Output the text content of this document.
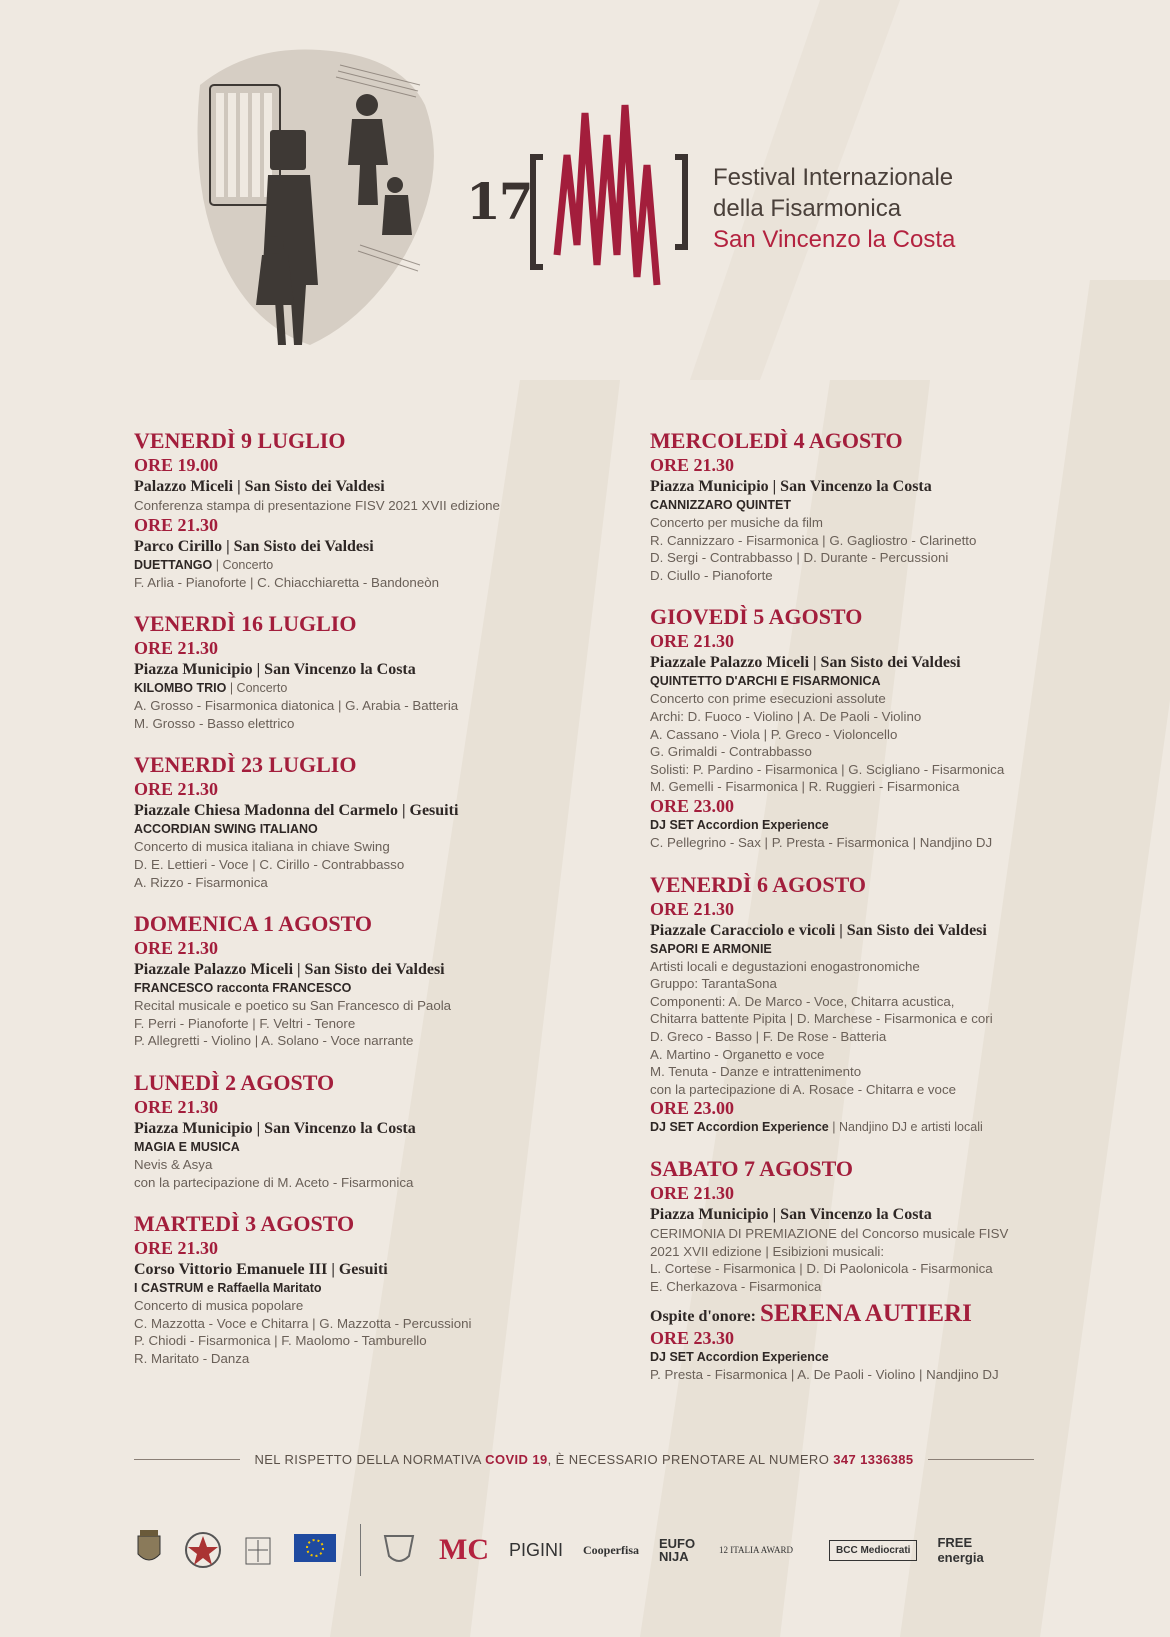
17	Festival Internazionale
della Fisarmonica
San Vincenzo la Costa
VENERDÌ 9 LUGLIO
ORE 19.00
Palazzo Miceli | San Sisto dei Valdesi
Conferenza stampa di presentazione FISV 2021 XVII edizione
ORE 21.30
Parco Cirillo | San Sisto dei Valdesi
DUETTANGO | Concerto
F. Arlia - Pianoforte | C. Chiacchiaretta - Bandoneòn
VENERDÌ 16 LUGLIO
ORE 21.30
Piazza Municipio | San Vincenzo la Costa
KILOMBO TRIO | Concerto
A. Grosso - Fisarmonica diatonica | G. Arabia - Batteria
M. Grosso - Basso elettrico
VENERDÌ 23 LUGLIO
ORE 21.30
Piazzale Chiesa Madonna del Carmelo | Gesuiti
ACCORDIAN SWING ITALIANO
Concerto di musica italiana in chiave Swing
D. E. Lettieri - Voce | C. Cirillo - Contrabbasso
A. Rizzo - Fisarmonica
DOMENICA 1 AGOSTO
ORE 21.30
Piazzale Palazzo Miceli | San Sisto dei Valdesi
FRANCESCO racconta FRANCESCO
Recital musicale e poetico su San Francesco di Paola
F. Perri - Pianoforte | F. Veltri - Tenore
P. Allegretti - Violino | A. Solano - Voce narrante
LUNEDÌ 2 AGOSTO
ORE 21.30
Piazza Municipio | San Vincenzo la Costa
MAGIA E MUSICA
Nevis & Asya
con la partecipazione di M. Aceto - Fisarmonica
MARTEDÌ 3 AGOSTO
ORE 21.30
Corso Vittorio Emanuele III | Gesuiti
I CASTRUM e Raffaella Maritato
Concerto di musica popolare
C. Mazzotta - Voce e Chitarra | G. Mazzotta - Percussioni
P. Chiodi - Fisarmonica | F. Maolomo - Tamburello
R. Maritato - Danza
MERCOLEDÌ 4 AGOSTO
ORE 21.30
Piazza Municipio | San Vincenzo la Costa
CANNIZZARO QUINTET
Concerto per musiche da film
R. Cannizzaro - Fisarmonica | G. Gagliostro - Clarinetto
D. Sergi - Contrabbasso | D. Durante - Percussioni
D. Ciullo - Pianoforte
GIOVEDÌ 5 AGOSTO
ORE 21.30
Piazzale Palazzo Miceli | San Sisto dei Valdesi
QUINTETTO D'ARCHI E FISARMONICA
Concerto con prime esecuzioni assolute
Archi: D. Fuoco - Violino | A. De Paoli - Violino
A. Cassano - Viola | P. Greco - Violoncello
G. Grimaldi - Contrabbasso
Solisti: P. Pardino - Fisarmonica | G. Scigliano - Fisarmonica
M. Gemelli - Fisarmonica | R. Ruggieri - Fisarmonica
ORE 23.00
DJ SET Accordion Experience
C. Pellegrino - Sax | P. Presta - Fisarmonica | Nandjino DJ
VENERDÌ 6 AGOSTO
ORE 21.30
Piazzale Caracciolo e vicoli | San Sisto dei Valdesi
SAPORI E ARMONIE
Artisti locali e degustazioni enogastronomiche
Gruppo: TarantaSona
Componenti: A. De Marco - Voce, Chitarra acustica,
Chitarra battente Pipita | D. Marchese - Fisarmonica e cori
D. Greco - Basso | F. De Rose - Batteria
A. Martino - Organetto e voce
M. Tenuta - Danze e intrattenimento
con la partecipazione di A. Rosace - Chitarra e voce
ORE 23.00
DJ SET Accordion Experience | Nandjino DJ e artisti locali
SABATO 7 AGOSTO
ORE 21.30
Piazza Municipio | San Vincenzo la Costa
CERIMONIA DI PREMIAZIONE del Concorso musicale FISV
2021 XVII edizione | Esibizioni musicali:
L. Cortese - Fisarmonica | D. Di Paolonicola - Fisarmonica
E. Cherkazova - Fisarmonica
Ospite d'onore: SERENA AUTIERI
ORE 23.30
DJ SET Accordion Experience
P. Presta - Fisarmonica | A. De Paoli - Violino | Nandjino DJ
NEL RISPETTO DELLA NORMATIVA COVID 19, È NECESSARIO PRENOTARE AL NUMERO 347 1336385
MC PIGINI Cooperfisa EUFO NIJA	12 ITALIA AWARD	BCC Mediocrati	FREE energia
